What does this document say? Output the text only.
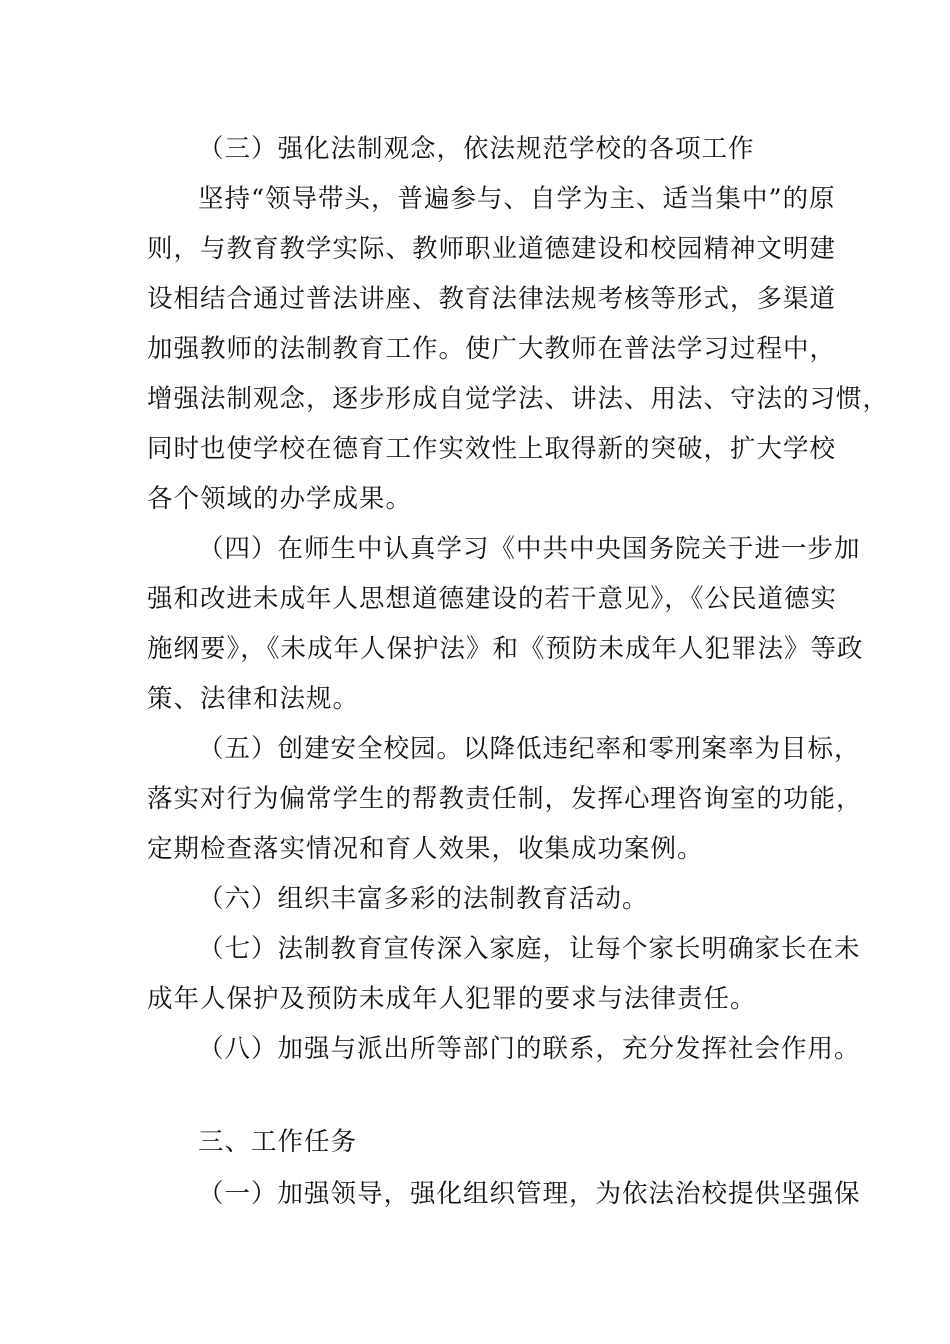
（三）强化法制观念，依法规范学校的各项工作
坚持“领导带头，普遍参与、自学为主、适当集中”的原
则，与教育教学实际、教师职业道德建设和校园精神文明建
设相结合通过普法讲座、教育法律法规考核等形式，多渠道
加强教师的法制教育工作。使广大教师在普法学习过程中，
增强法制观念，逐步形成自觉学法、讲法、用法、守法的习惯，
同时也使学校在德育工作实效性上取得新的突破，扩大学校
各个领域的办学成果。
（四）在师生中认真学习《中共中央国务院关于进一步加
强和改进未成年人思想道德建设的若干意见》，《公民道德实
施纲要》，《未成年人保护法》和《预防未成年人犯罪法》等政
策、法律和法规。
（五）创建安全校园。以降低违纪率和零刑案率为目标，
落实对行为偏常学生的帮教责任制，发挥心理咨询室的功能，
定期检查落实情况和育人效果，收集成功案例。
（六）组织丰富多彩的法制教育活动。
（七）法制教育宣传深入家庭，让每个家长明确家长在未
成年人保护及预防未成年人犯罪的要求与法律责任。
（八）加强与派出所等部门的联系，充分发挥社会作用。
三、工作任务
（一）加强领导，强化组织管理，为依法治校提供坚强保
